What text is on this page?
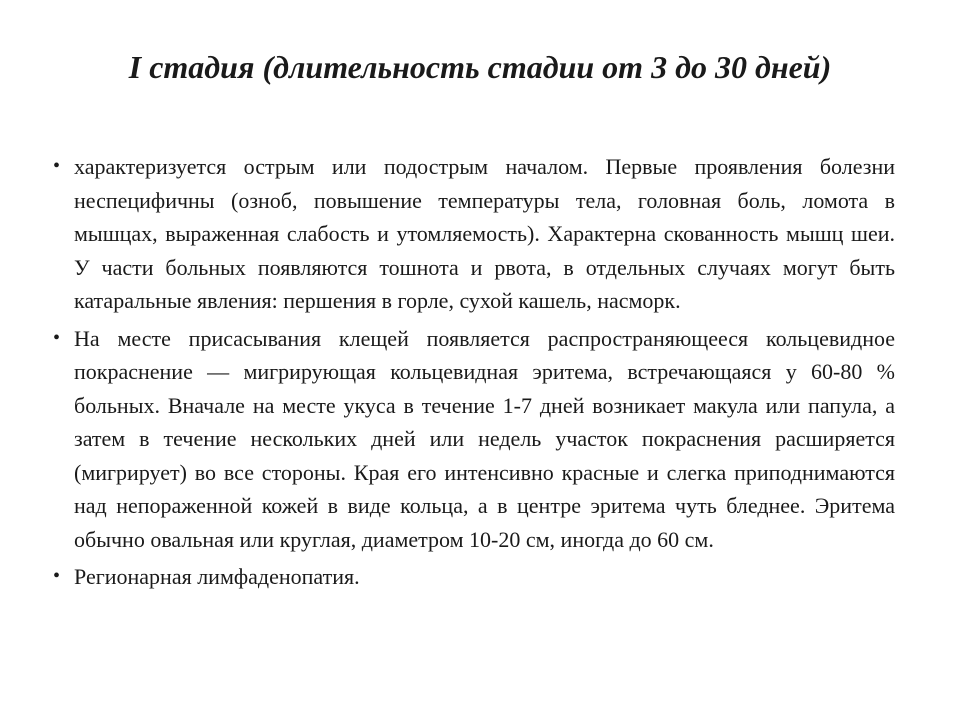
I стадия (длительность стадии от 3 до 30 дней)
• характеризуется острым или подострым началом. Первые проявления болезни неспецифичны (озноб, повышение температуры тела, головная боль, ломота в мышцах, выраженная слабость и утомляемость). Характерна скованность мышц шеи. У части больных появляются тошнота и рвота, в отдельных случаях могут быть катаральные явления: першения в горле, сухой кашель, насморк.
• На месте присасывания клещей появляется распространяющееся кольцевидное покраснение — мигрирующая кольцевидная эритема, встречающаяся у 60-80 % больных. Вначале на месте укуса в течение 1-7 дней возникает макула или папула, а затем в течение нескольких дней или недель участок покраснения расширяется (мигрирует) во все стороны. Края его интенсивно красные и слегка приподнимаются над непораженной кожей в виде кольца, а в центре эритема чуть бледнее. Эритема обычно овальная или круглая, диаметром 10-20 см, иногда до 60 см.
• Регионарная лимфаденопатия.
